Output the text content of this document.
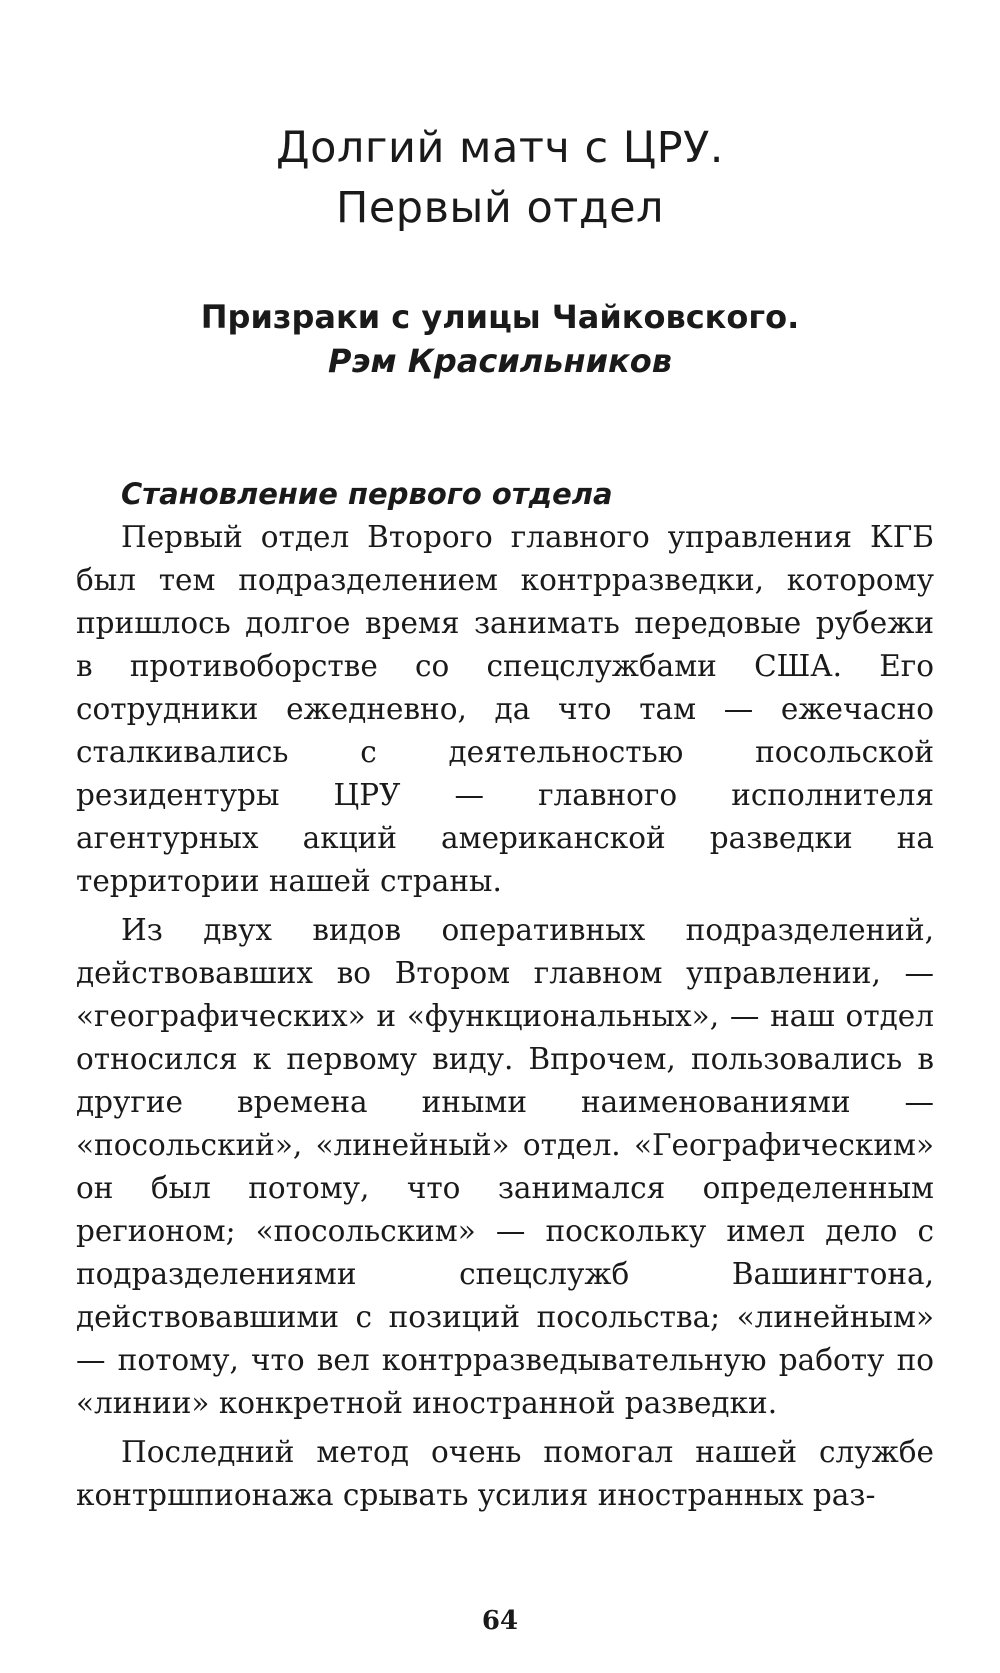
Долгий матч с ЦРУ.
Первый отдел
Призраки с улицы Чайковского.
Рэм Красильников
Становление первого отдела

Первый отдел Второго главного управления КГБ был тем подразделением контрразведки, которому пришлось долгое время занимать передовые рубежи в противоборстве со спецслужбами США. Его сотрудники ежедневно, да что там — ежечасно сталкивались с деятельностью посольской резидентуры ЦРУ — главного исполнителя агентурных акций американской разведки на территории нашей страны.

Из двух видов оперативных подразделений, действовавших во Втором главном управлении, — «географических» и «функциональных», — наш отдел относился к первому виду. Впрочем, пользовались в другие времена иными наименованиями — «посольский», «линейный» отдел. «Географическим» он был потому, что занимался определенным регионом; «посольским» — поскольку имел дело с подразделениями спецслужб Вашингтона, действовавшими с позиций посольства; «линейным» — потому, что вел контрразведывательную работу по «линии» конкретной иностранной разведки.

Последний метод очень помогал нашей службе контршпионажа срывать усилия иностранных раз-

64
